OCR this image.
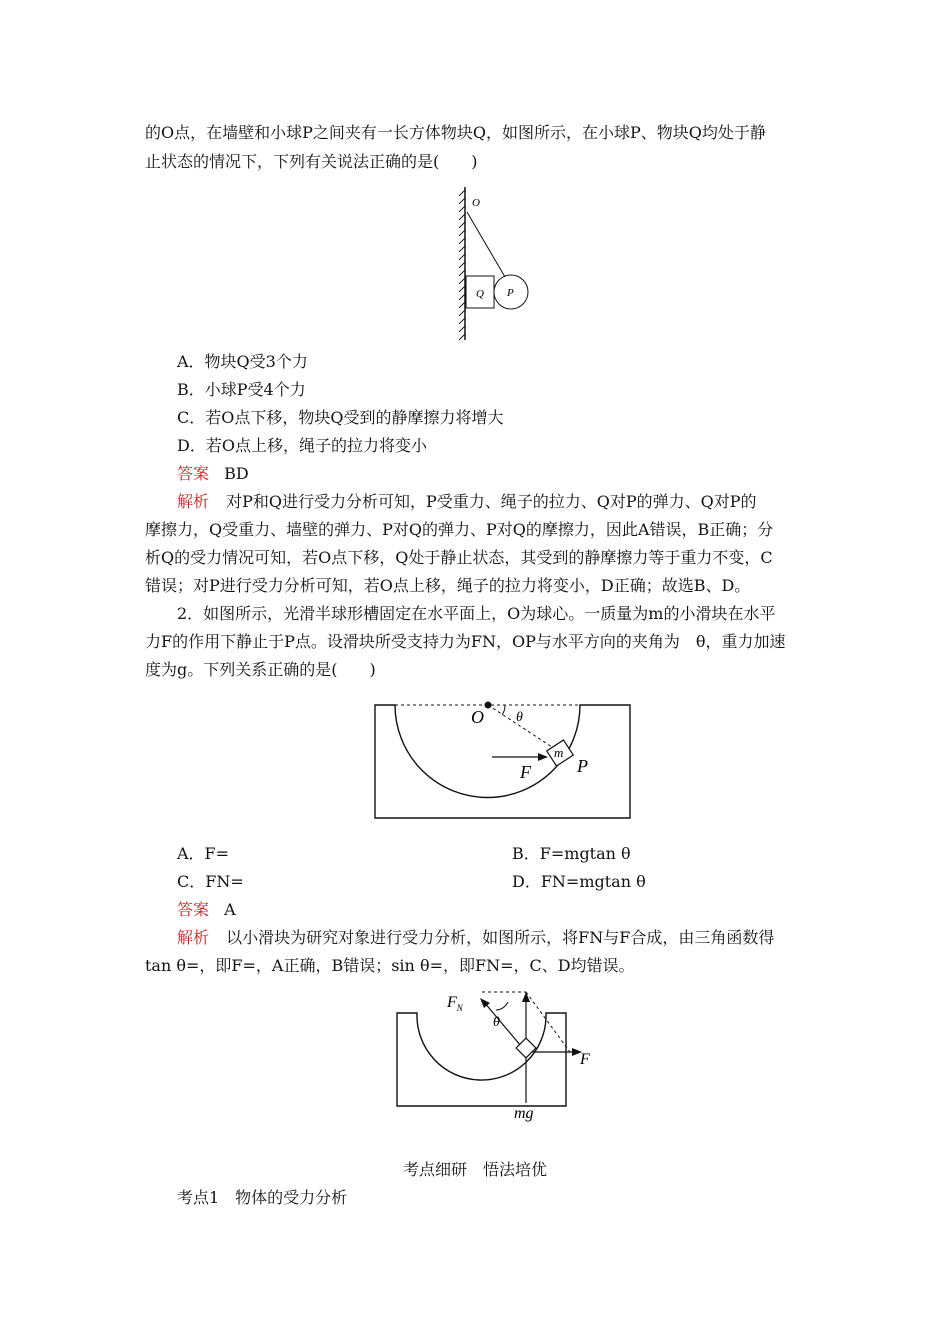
的O点，在墙壁和小球P之间夹有一长方体物块Q，如图所示，在小球P、物块Q均处于静
止状态的情况下，下列有关说法正确的是(　　)
O
Q P
A．物块Q受3个力
B．小球P受4个力
C．若O点下移，物块Q受到的静摩擦力将增大
D．若O点上移，绳子的拉力将变小
答案 BD
解析 对P和Q进行受力分析可知，P受重力、绳子的拉力、Q对P的弹力、Q对P的
摩擦力，Q受重力、墙壁的弹力、P对Q的弹力、P对Q的摩擦力，因此A错误，B正确；分
析Q的受力情况可知，若O点下移，Q处于静止状态，其受到的静摩擦力等于重力不变，C
错误；对P进行受力分析可知，若O点上移，绳子的拉力将变小，D正确；故选B、D。
2．如图所示，光滑半球形槽固定在水平面上，O为球心。一质量为m的小滑块在水平
力F的作用下静止于P点。设滑块所受支持力为FN，OP与水平方向的夹角为　θ，重力加速
度为g。下列关系正确的是(　　)
O θ
m
F	P
A．F=	B．F=mgtan θ
C．FN=	D．FN=mgtan θ
答案 A
解析 以小滑块为研究对象进行受力分析，如图所示，将FN与F合成，由三角函数得
tan θ=，即F=，A正确，B错误；sin θ=，即FN=，C、D均错误。
$F_N$
θ
F
mg
考点细研　悟法培优
考点1　物体的受力分析
